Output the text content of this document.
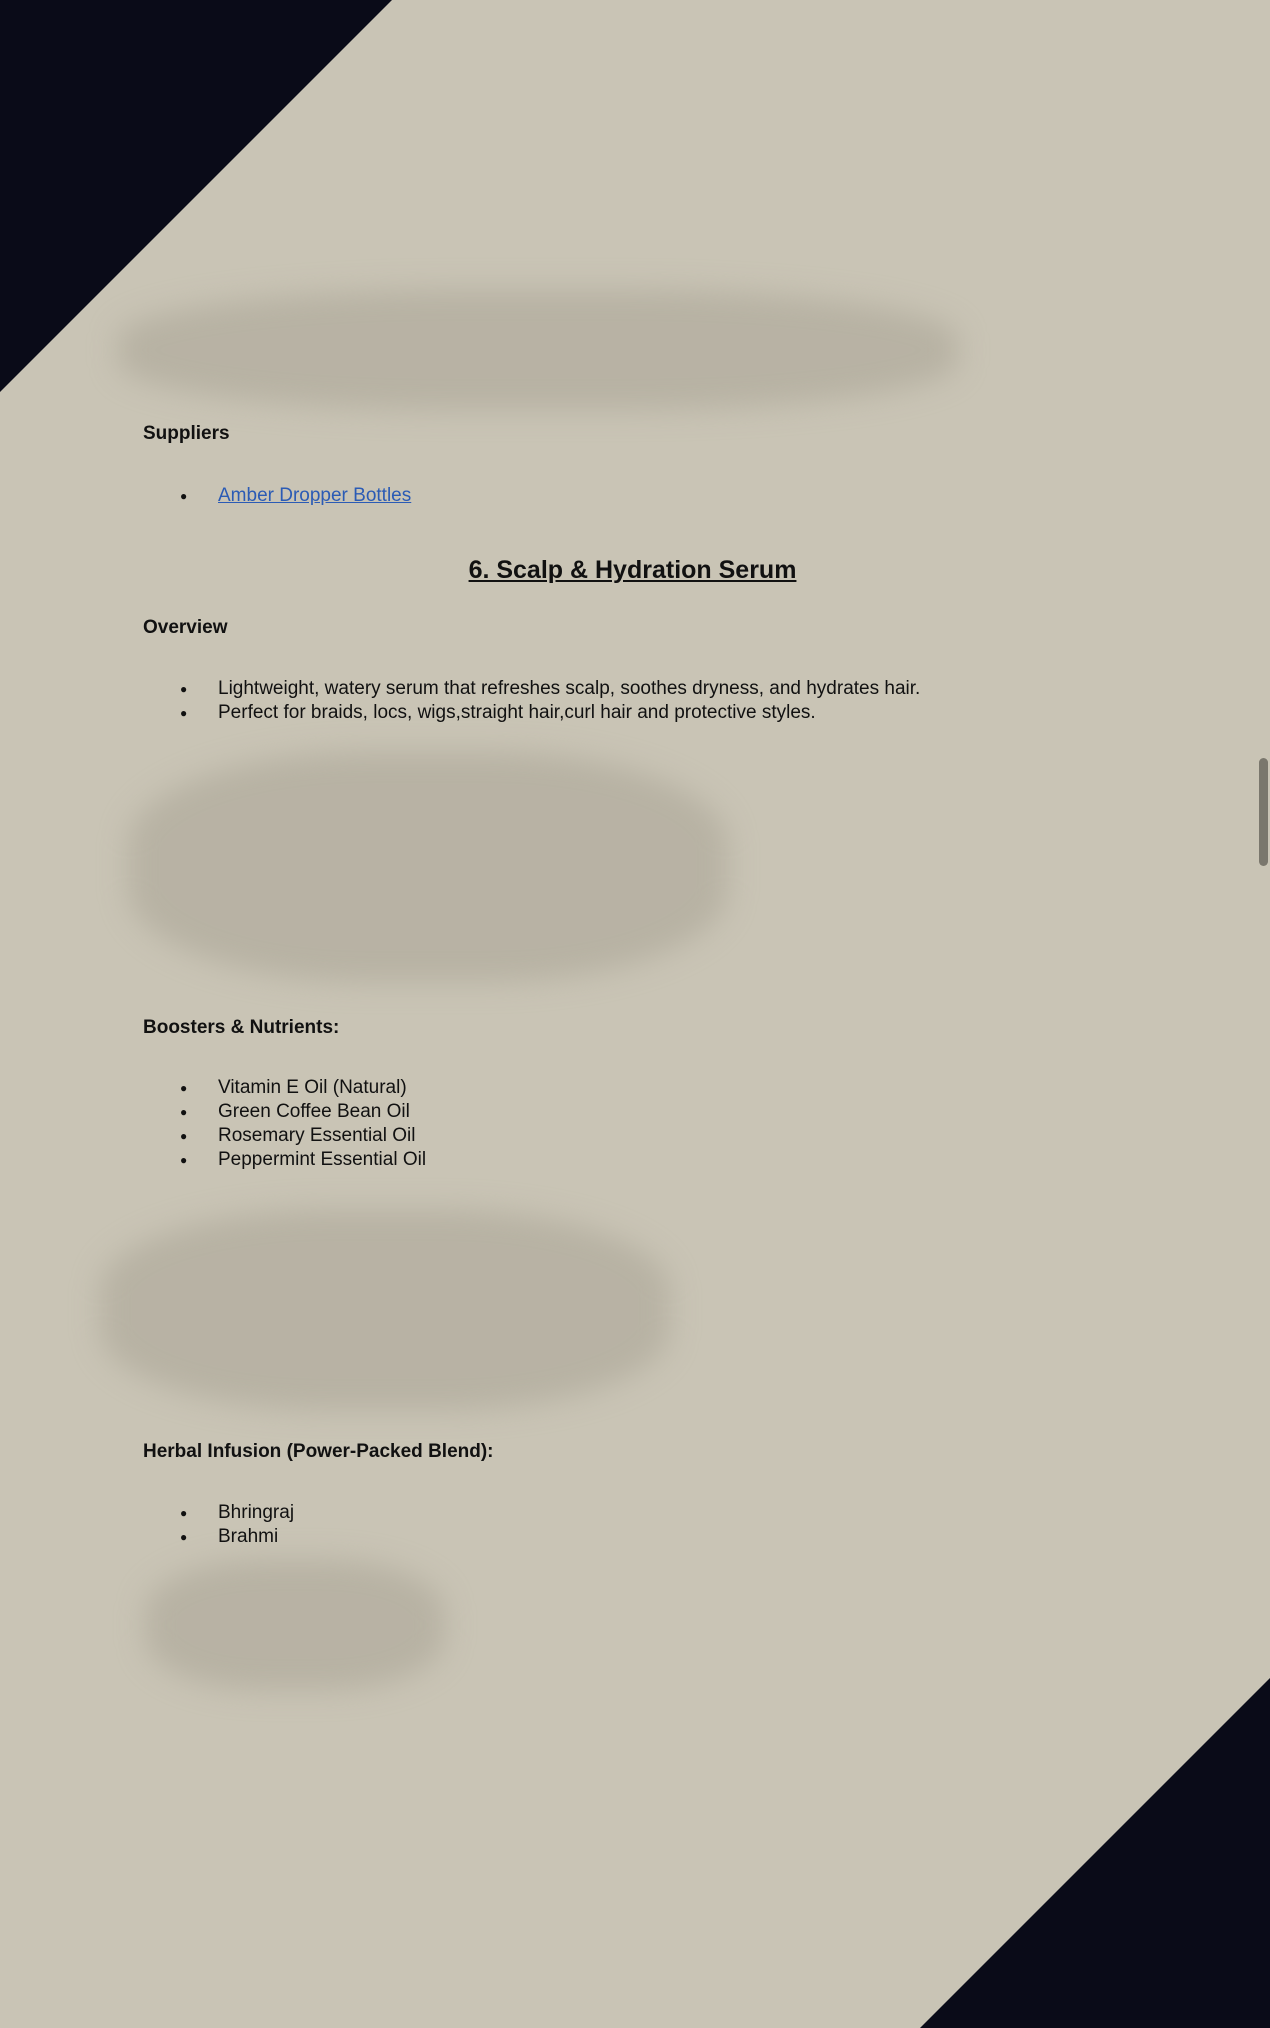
Suppliers
● Amber Dropper Bottles
6. Scalp & Hydration Serum
Overview
● Lightweight, watery serum that refreshes scalp, soothes dryness, and hydrates hair.
● Perfect for braids, locs, wigs,straight hair,curl hair and protective styles.
Boosters & Nutrients:
● Vitamin E Oil (Natural)
● Green Coffee Bean Oil
● Rosemary Essential Oil
● Peppermint Essential Oil
Herbal Infusion (Power-Packed Blend):
● Bhringraj
● Brahmi
